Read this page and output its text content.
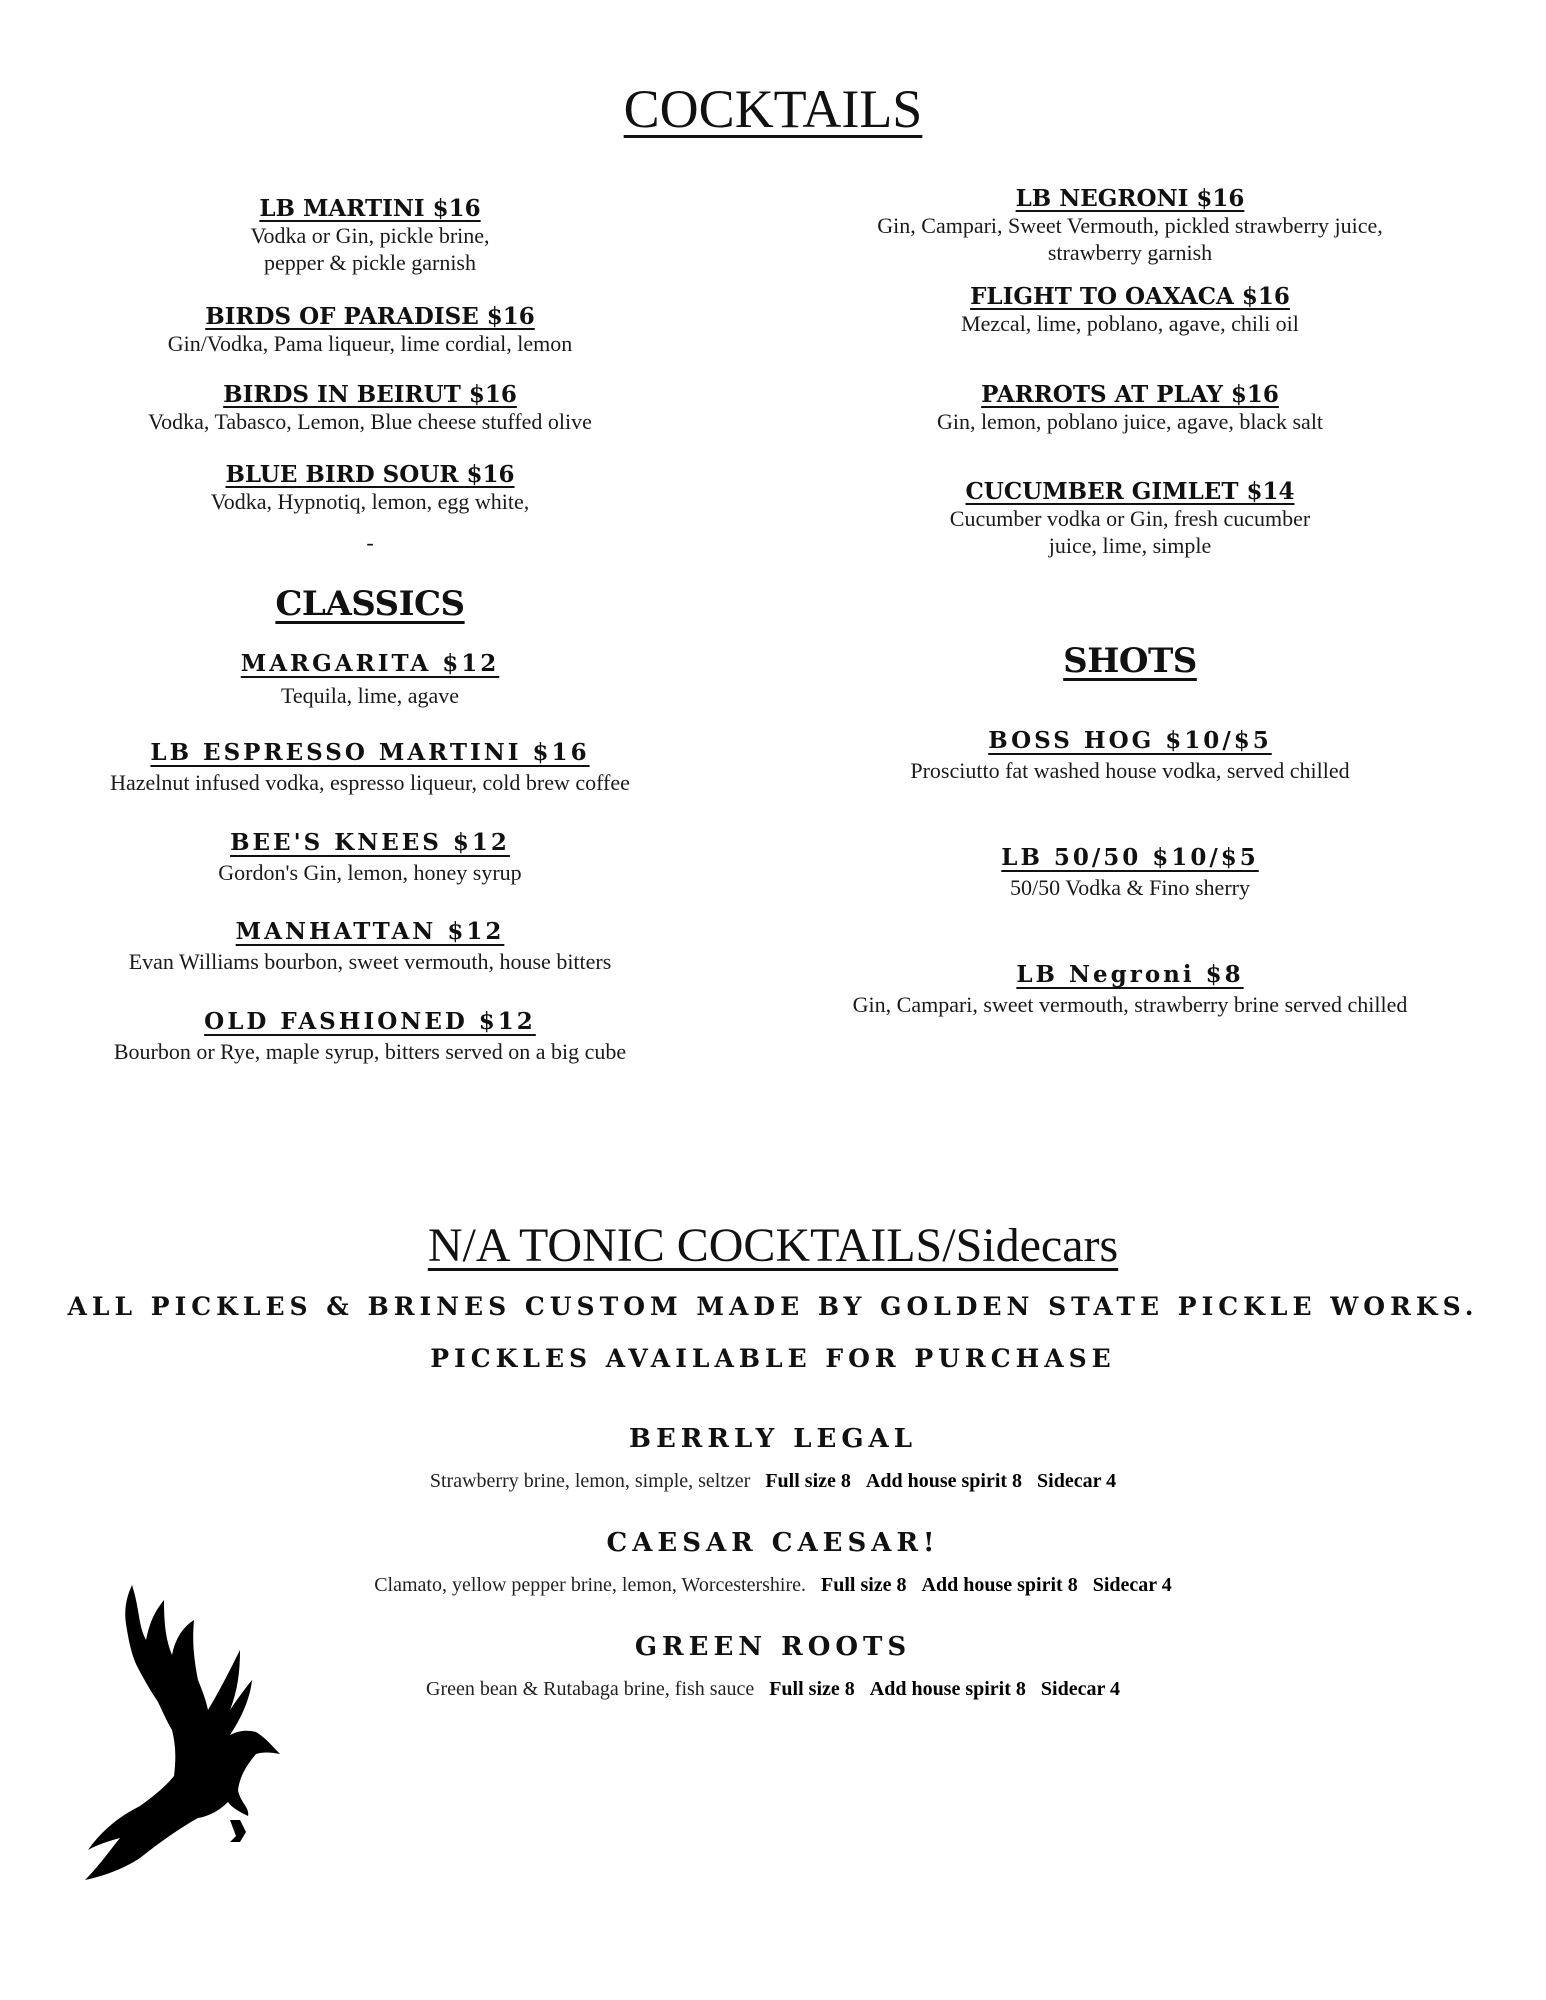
COCKTAILS
LB MARTINI $16
Vodka or Gin, pickle brine,
pepper & pickle garnish
BIRDS OF PARADISE $16
Gin/Vodka, Pama liqueur, lime cordial, lemon
BIRDS IN BEIRUT $16
Vodka, Tabasco, Lemon, Blue cheese stuffed olive
BLUE BIRD SOUR $16
Vodka, Hypnotiq, lemon, egg white,
-
LB NEGRONI $16
Gin, Campari, Sweet Vermouth, pickled strawberry juice,
strawberry garnish
FLIGHT TO OAXACA $16
Mezcal, lime, poblano, agave, chili oil
PARROTS AT PLAY $16
Gin, lemon, poblano juice, agave, black salt
CUCUMBER GIMLET $14
Cucumber vodka or Gin, fresh cucumber
juice, lime, simple
CLASSICS
MARGARITA $12
Tequila, lime, agave
LB ESPRESSO MARTINI $16
Hazelnut infused vodka, espresso liqueur, cold brew coffee
BEE'S KNEES $12
Gordon's Gin, lemon, honey syrup
MANHATTAN $12
Evan Williams bourbon, sweet vermouth, house bitters
OLD FASHIONED $12
Bourbon or Rye, maple syrup, bitters served on a big cube
SHOTS
BOSS HOG $10/$5
Prosciutto fat washed house vodka, served chilled
LB 50/50 $10/$5
50/50 Vodka & Fino sherry
LB Negroni $8
Gin, Campari, sweet vermouth, strawberry brine served chilled
N/A TONIC COCKTAILS/Sidecars
ALL PICKLES & BRINES CUSTOM MADE BY GOLDEN STATE PICKLE WORKS.
PICKLES AVAILABLE FOR PURCHASE
BERRLY LEGAL
Strawberry brine, lemon, simple, seltzer Full size 8 Add house spirit 8 Sidecar 4
CAESAR CAESAR!
Clamato, yellow pepper brine, lemon, Worcestershire. Full size 8 Add house spirit 8 Sidecar 4
GREEN ROOTS
Green bean & Rutabaga brine, fish sauce Full size 8 Add house spirit 8 Sidecar 4
